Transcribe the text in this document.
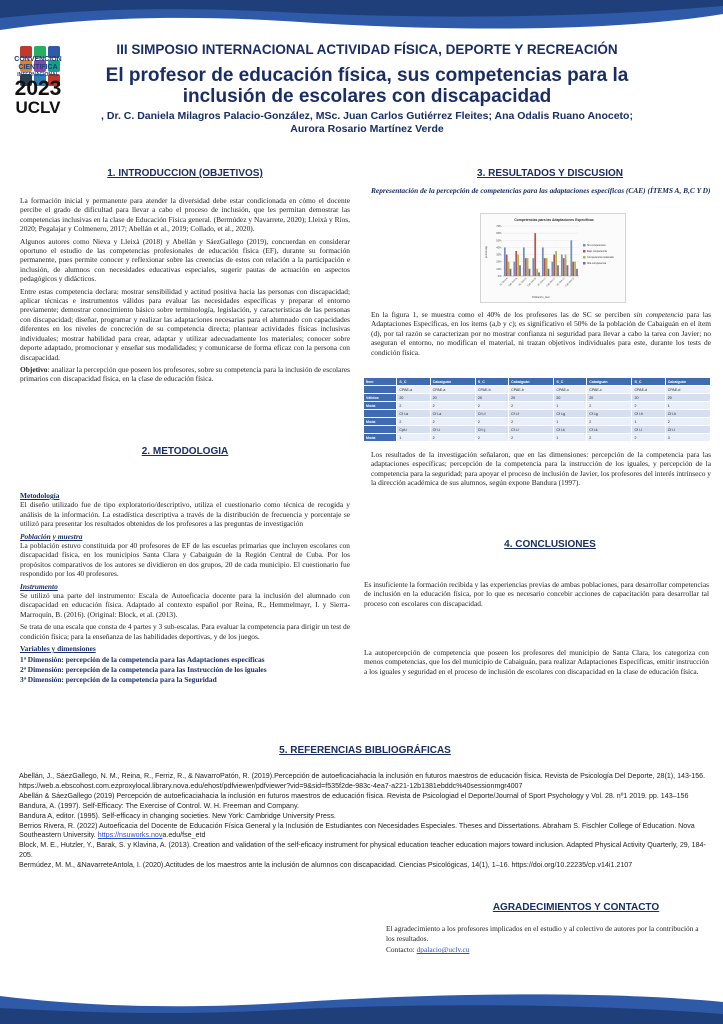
CONVENCION
CIENTIFICA
INTERNACIONAL
2023
UCLV
III SIMPOSIO INTERNACIONAL ACTIVIDAD FÍSICA, DEPORTE Y RECREACIÓN
El profesor de educación física, sus competencias para la inclusión de escolares con discapacidad
, Dr. C. Daniela Milagros Palacio-González, MSc. Juan Carlos Gutiérrez Fleites; Ana Odalis Ruano Anoceto; Aurora Rosario Martínez Verde
1. INTRODUCCION (OBJETIVOS)

La formación inicial y permanente para atender la diversidad debe estar condicionada en cómo el docente percibe el grado de dificultad para llevar a cabo el proceso de inclusión, que les permitan demostrar las competencias inclusivas en la clase de Educación Física general. (Bermúdez y Navarrete, 2020); Lleixà y Ríos, 2020; Pegalajar y Colmenero, 2017; Abellán et al., 2019; Collado, et al., 2020).

Algunos autores como Nieva y Lleixà (2018) y Abellán y SáezGallego (2019), concuerdan en considerar oportuno el estudio de las competencias profesionales de educación física (EF), durante su formación permanente, pues permite conocer y reflexionar sobre las creencias de estos con relación a la participación e inclusión, de alumnos con necesidades educativas especiales, sugerir pautas de actuación en aspectos pedagógicos y didácticos.

Entre estas competencia declara: mostrar sensibilidad y actitud positiva hacia las personas con discapacidad; aplicar técnicas e instrumentos válidos para evaluar las necesidades específicas y preparar el entorno previamente; demostrar conocimiento básico sobre terminología, legislación, y características de las personas con discapacidad; diseñar, programar y realizar las adaptaciones necesarias para el alumnado con capacidades diferentes en los niveles de concreción de su competencia directa; plantear actividades físicas inclusivas individuales; mostrar habilidad para crear, adaptar y utilizar adecuadamente los materiales; conocer sobre deporte adaptado, promocionar y enseñar sus modalidades; y comunicarse de forma eficaz con la persona con discapacidad.

Objetivo: analizar la percepción que poseen los profesores, sobre su competencia para la inclusión de escolares primarios con discapacidad física, en la clase de educación física.

2. METODOLOGIA
Metodología

El diseño utilizado fue de tipo exploratorio/descriptivo, utiliza el cuestionario como técnica de recogida y análisis de la información. La estadística descriptiva a través de la distribución de frecuencia y porcentaje se utilizó para presentar los resultados obtenidos de los profesores a las preguntas de investigación

Población y muestra

La población estuvo constituida por 40 profesores de EF de las escuelas primarias que incluyen escolares con discapacidad física, en los municipios Santa Clara y Cabaiguán de la Región Central de Cuba. Por los propósitos comparativos de los autores se dividieron en dos grupos, 20 de cada municipio. El cuestionario fue respondido por los 40 profesores.

Instrumento

Se utilizó una parte del instrumento: Escala de Autoeficacia docente para la inclusión del alumnado con discapacidad en educación física. Adaptado al contexto español por Reina, R., Hemmelmayr, I. y Sierra-Marroquín, B. (2016). (Original: Block, et al. (2013).

Se trata de una escala que consta de 4 partes y 3 sub-escalas. Para evaluar la competencia para dirigir un test de condición física; para la enseñanza de las habilidades deportivas, y de los juegos.

Variables y dimensiones
1ª Dimensión: percepción de la competencia para las Adaptaciones específicas
2ª Dimensión: percepción de la competencia para las Instrucción de los iguales
3ª Dimensión: percepción de la competencia para la Seguridad
3. RESULTADOS Y DISCUSION
Representación de la percepción de competencias para las adaptaciones específicas (CAE) (ÍTEMS A, B,C Y D)
Competencias para las Adaptaciones Específicas
70%
60%
50%
40%
30%
20%
10%
0%
porcentaje
SC Ítem A Cab Ítem A SC Ítem B Cab Ítem B SC Ítem C Cab Ítem C SC Ítem D Cab Ítem D
Población_ítem
Sin competencia
Bajo competencia
Competencia moderada
Alta competencia

En la figura 1, se muestra como el 40% de los profesores las de SC se perciben sin competencia para las Adaptaciones Específicas, en los ítems (a,b y c); es significativo el 50% de la población de Cabaiguán en el ítem (d), por tal razón se caracterizan por no mostrar confianza ni seguridad para llevar a cabo la tarea con Javier; no aseguran el entorno, no modifican el material, ni trazan objetivos individuales para este, durante los tests de condición física.

Ítem	S_C	Cabaiguán	S_C	Cabaiguán	S_C	Cabaiguán	S_C	Cabaiguán
	CPAE-a	CPAE-a	CPAE-b	CPAE-b	CPAE-c	CPAE-c	CPAE-d	CPAE-d
Válidos	20	20	20	20	20	20	20	20
Moda	2	2	2	2	1	2	2	1
	Cf i-a	Cf i-a	Cf i-f	Cf i-f	Cf i-g	Cf i-g	Cf i-h	Cf i-h
Moda	2	2	2	2	1	2	1	2
	Cpf-i	Cf i-i	Cf i-j	Cf i-l	Cf i-k	Cf i-k	Cf i-l	Cf i-l
Moda	1	2	2	2	1	2	2	3
Los resultados de la investigación señalaron, que en las dimensiones: percepción de la competencia para las adaptaciones específicas; percepción de la competencia para la instrucción de los iguales, y percepción de la competencia para la seguridad; para apoyar el proceso de inclusión de Javier, los profesores del interés intrínseco y la dirección académica de sus alumnos, según expone Bandura (1997).
4. CONCLUSIONES
Es insuficiente la formación recibida y las experiencias previas de ambas poblaciones, para desarrollar competencias de inclusión en la educación física, por lo que es necesario concebir acciones de capacitación para desarrollar tal proceso con escolares con discapacidad.
La autopercepción de competencia que poseen los profesores del municipio de Santa Clara, los categoriza con menos competencias, que los del municipio de Cabaiguán, para realizar Adaptaciones Específicas, emitir instrucción a los iguales y seguridad en el proceso de inclusión de escolares con discapacidad en la clase de educación física.
5. REFERENCIAS BIBLIOGRÁFICAS
Abellán, J., SáezGallego, N. M., Reina, R., Ferriz, R., & NavarroPatón, R. (2019).Percepción de autoeficaciahacia la inclusión en futuros maestros de educación física. Revista de Psicología Del Deporte, 28(1), 143-156. https://web.a.ebscohost.com.ezproxylocal.library.nova.edu/ehost/pdfviewer/pdfviewer?vid=9&sid=f535f2de-983c-4ea7-a221-12b1381ebddc%40sessionmgr4007
Abellán & SáezGallego (2019) Percepción de autoeficaciahacia la inclusión en futuros maestros de educación física. Revista de Psicologiad el Deporte/Journal of Sport Psychology y Vol. 28. nº1 2019. pp. 143–156
Bandura, A. (1997). Self-Efficacy: The Exercise of Control. W. H. Freeman and Company.
Bandura A, editor. (1995). Self-efficacy in changing societies. New York: Cambridge University Press.
Berrios Rivera, R. (2022) Autoeficacia del Docente de Educación Física General y la Inclusión de Estudiantes con Necesidades Especiales. Theses and Dissertations. Abraham S. Fischler College of Education. Nova Southeastern University. https://nsuworks.nova.edu/fse_etd
Block, M. E., Hutzler, Y., Barak, S. y Klavina, A. (2013). Creation and validation of the self-eficacy instrument for physical education teacher education majors toward inclusion. Adapted Physical Activity Quarterly, 29, 184-205.
Bermúdez, M. M., &NavarreteAntola, I. (2020).Actitudes de los maestros ante la inclusión de alumnos con discapacidad. Ciencias Psicológicas, 14(1), 1–16. https://doi.org/10.22235/cp.v14i1.2107
AGRADECIMIENTOS Y CONTACTO

El agradecimiento a los profesores implicados en el estudio y al colectivo de autores por la contribución a los resultados.

Contacto: dpalacio@uclv.cu
